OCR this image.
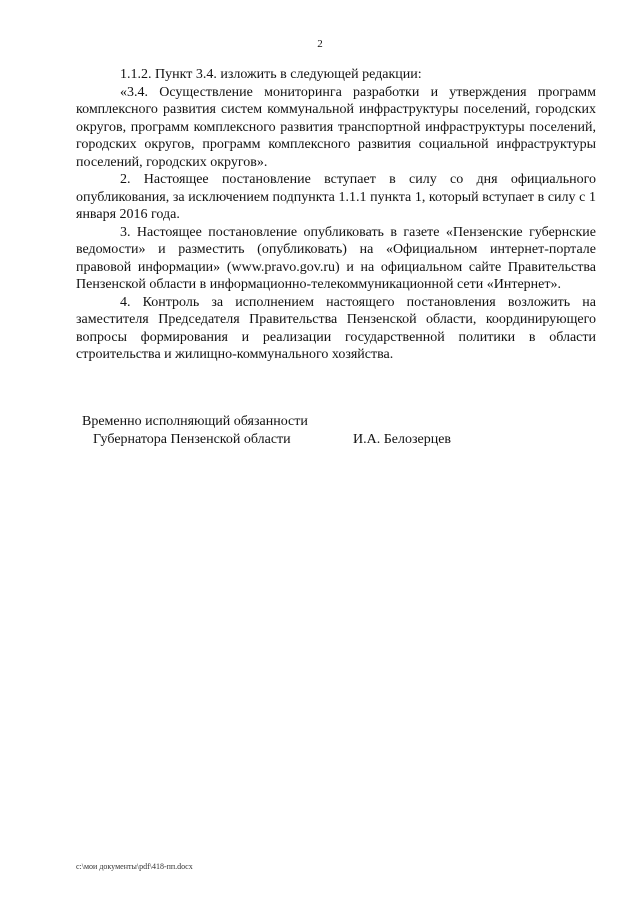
2

1.1.2. Пункт 3.4. изложить в следующей редакции:

«3.4. Осуществление мониторинга разработки и утверждения программ комплексного развития систем коммунальной инфраструктуры поселений, городских округов, программ комплексного развития транспортной инфраструктуры поселений, городских округов, программ комплексного развития социальной инфраструктуры поселений, городских округов».

2. Настоящее постановление вступает в силу со дня официального опубликования, за исключением подпункта 1.1.1 пункта 1, который вступает в силу с 1 января 2016 года.

3. Настоящее постановление опубликовать в газете «Пензенские губернские ведомости» и разместить (опубликовать) на «Официальном интернет-портале правовой информации» (www.pravo.gov.ru) и на официальном сайте Правительства Пензенской области в информационно-телекоммуникационной сети «Интернет».

4. Контроль за исполнением настоящего постановления возложить на заместителя Председателя Правительства Пензенской области, координирующего вопросы формирования и реализации государственной политики в области строительства и жилищно-коммунального хозяйства.

Временно исполняющий обязанности

Губернатора Пензенской области	И.А. Белозерцев

c:\мои документы\pdf\418-пп.docx
